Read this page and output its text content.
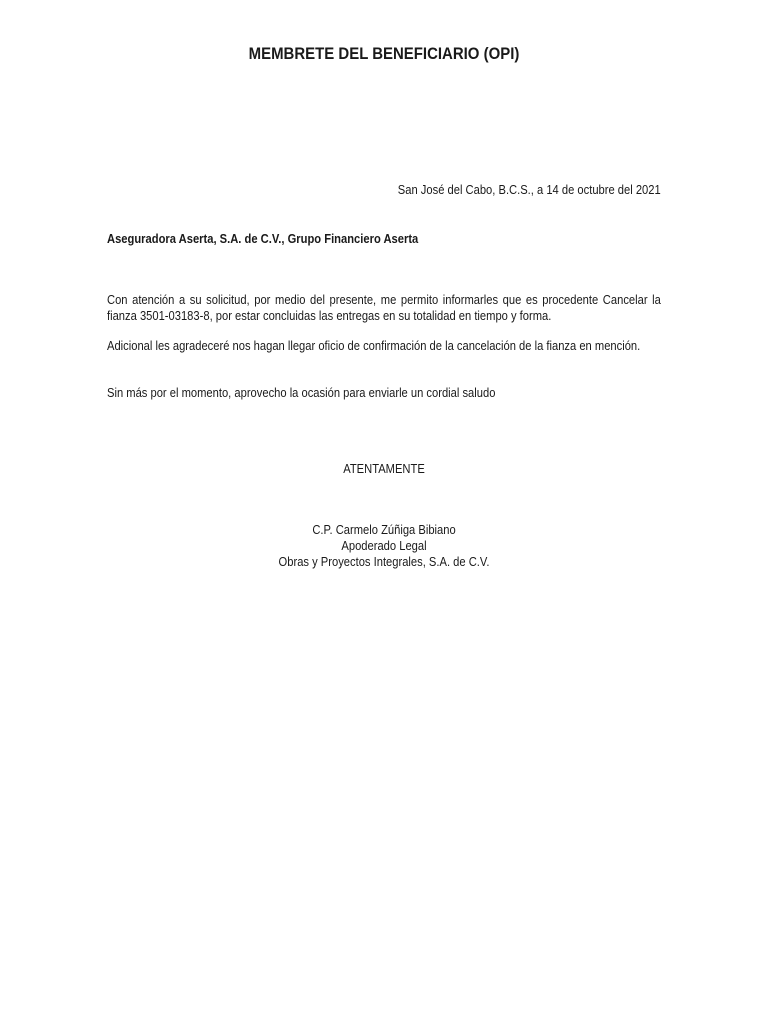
MEMBRETE DEL BENEFICIARIO (OPI)
San José del Cabo, B.C.S., a 14 de octubre del 2021
Aseguradora Aserta, S.A. de C.V., Grupo Financiero Aserta
Con atención a su solicitud, por medio del presente, me permito informarles que es procedente Cancelar la fianza 3501-03183-8, por estar concluidas las entregas en su totalidad en tiempo y forma.
Adicional les agradeceré nos hagan llegar oficio de confirmación de la cancelación de la fianza en mención.
Sin más por el momento, aprovecho la ocasión para enviarle un cordial saludo
ATENTAMENTE
C.P. Carmelo Zúñiga Bibiano
Apoderado Legal
Obras y Proyectos Integrales, S.A. de C.V.
